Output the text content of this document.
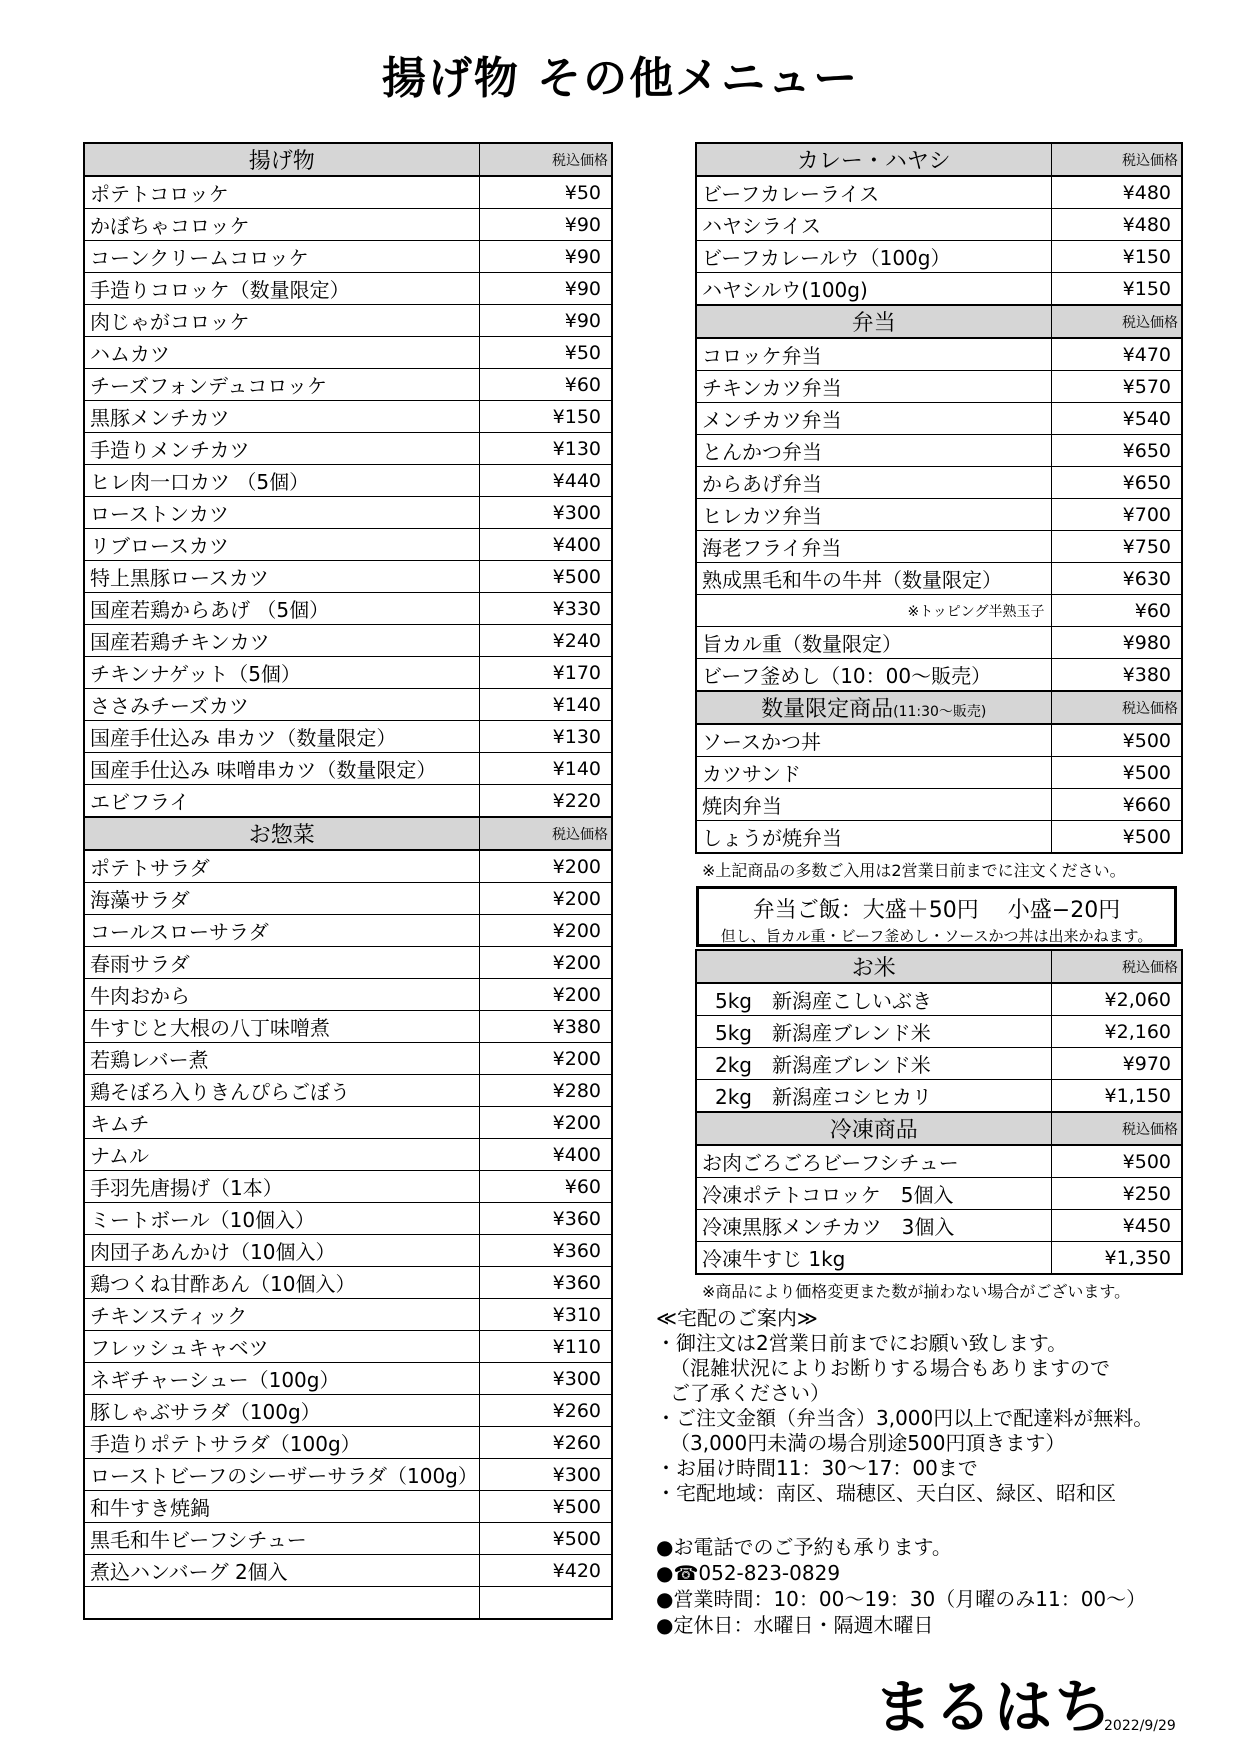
揚げ物 その他メニュー
揚げ物	税込価格
ポテトコロッケ	¥50
かぼちゃコロッケ	¥90
コーンクリームコロッケ	¥90
手造りコロッケ（数量限定）	¥90
肉じゃがコロッケ	¥90
ハムカツ	¥50
チーズフォンデュコロッケ	¥60
黒豚メンチカツ	¥150
手造りメンチカツ	¥130
ヒレ肉一口カツ （5個）	¥440
ローストンカツ	¥300
リブロースカツ	¥400
特上黒豚ロースカツ	¥500
国産若鶏からあげ （5個）	¥330
国産若鶏チキンカツ	¥240
チキンナゲット（5個）	¥170
ささみチーズカツ	¥140
国産手仕込み 串カツ（数量限定）	¥130
国産手仕込み 味噌串カツ（数量限定）	¥140
エビフライ	¥220
お惣菜	税込価格
ポテトサラダ	¥200
海藻サラダ	¥200
コールスローサラダ	¥200
春雨サラダ	¥200
牛肉おから	¥200
牛すじと大根の八丁味噌煮	¥380
若鶏レバー煮	¥200
鶏そぼろ入りきんぴらごぼう	¥280
キムチ	¥200
ナムル	¥400
手羽先唐揚げ（1本）	¥60
ミートボール（10個入）	¥360
肉団子あんかけ（10個入）	¥360
鶏つくね甘酢あん（10個入）	¥360
チキンスティック	¥310
フレッシュキャベツ	¥110
ネギチャーシュー（100g）	¥300
豚しゃぶサラダ（100g）	¥260
手造りポテトサラダ（100g）	¥260
ローストビーフのシーザーサラダ（100g）	¥300
和牛すき焼鍋	¥500
黒毛和牛ビーフシチュー	¥500
煮込ハンバーグ 2個入	¥420

カレー・ハヤシ	税込価格
ビーフカレーライス	¥480
ハヤシライス	¥480
ビーフカレールウ（100g）	¥150
ハヤシルウ(100g)	¥150
弁当	税込価格
コロッケ弁当	¥470
チキンカツ弁当	¥570
メンチカツ弁当	¥540
とんかつ弁当	¥650
からあげ弁当	¥650
ヒレカツ弁当	¥700
海老フライ弁当	¥750
熟成黒毛和牛の牛丼（数量限定）	¥630
※トッピング半熟玉子	¥60
旨カル重（数量限定）	¥980
ビーフ釜めし（10：00～販売）	¥380
数量限定商品(11:30～販売)	税込価格
ソースかつ丼	¥500
カツサンド	¥500
焼肉弁当	¥660
しょうが焼弁当	¥500
※上記商品の多数ご入用は2営業日前までに注文ください。
弁当ご飯：大盛＋50円　 小盛−20円
但し、旨カル重・ビーフ釜めし・ソースかつ丼は出来かねます。
お米	税込価格
5kg　新潟産こしいぶき	¥2,060
5kg　新潟産ブレンド米	¥2,160
2kg　新潟産ブレンド米	¥970
2kg　新潟産コシヒカリ	¥1,150
冷凍商品	税込価格
お肉ごろごろビーフシチュー	¥500
冷凍ポテトコロッケ　5個入	¥250
冷凍黒豚メンチカツ　3個入	¥450
冷凍牛すじ 1kg	¥1,350
※商品により価格変更また数が揃わない場合がございます。
≪宅配のご案内≫
・御注文は2営業日前までにお願い致します。
（混雑状況によりお断りする場合もありますので
ご了承ください）
・ご注文金額（弁当含）3,000円以上で配達料が無料。
（3,000円未満の場合別途500円頂きます）
・お届け時間11：30～17：00まで
・宅配地域：南区、瑞穂区、天白区、緑区、昭和区
●お電話でのご予約も承ります。
●☎052-823-0829
●営業時間：10：00～19：30（月曜のみ11：00～）
●定休日：水曜日・隔週木曜日
まるはち
2022/9/29
